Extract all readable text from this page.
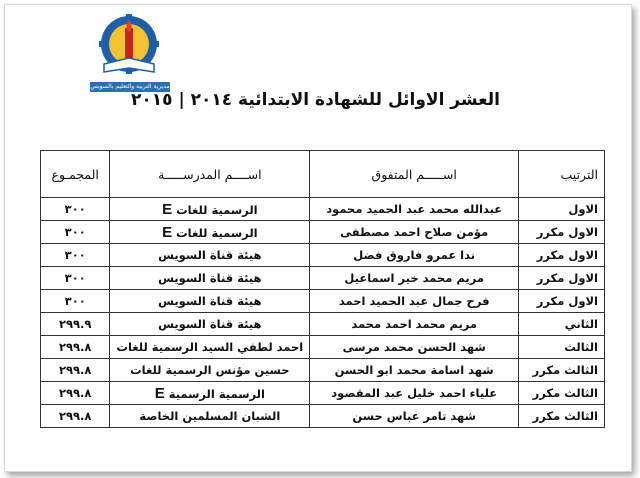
مديرية التربية والتعليم بالسويس
العشر الاوائل للشهادة الابتدائية ٢٠١٤ | ٢٠١٥
الترتيب	اســـــم المتفوق	اســــم المدرســـــة	المجمـوع
الاول	عبدالله محمد عبد الحميد محمود	الرسمية للغاتE	٣٠٠
الاول مكرر	مؤمن صلاح احمد مصطفى	الرسمية للغاتE	٣٠٠
الاول مكرر	ندا عمرو فاروق فضل	هيئة قناة السويس	٣٠٠
الاول مكرر	مريم محمد خير اسماعيل	هيئة قناة السويس	٣٠٠
الاول مكرر	فرح جمال عبد الحميد احمد	هيئة قناة السويس	٣٠٠
الثاني	مريم محمد احمد محمد	هيئة قناة السويس	٢٩٩.٩
الثالث	شهد الحسن محمد مرسى	احمد لطفي السيد الرسمية للغات	٢٩٩.٨
الثالث مكرر	شهد اسامة محمد ابو الحسن	حسين مؤنس الرسمية للغات	٢٩٩.٨
الثالث مكرر	علياء احمد خليل عبد المقصود	الرسمية الرسميةE	٢٩٩.٨
الثالث مكرر	شهد تامر عباس حسن	الشبان المسلمين الخاصة	٢٩٩.٨
